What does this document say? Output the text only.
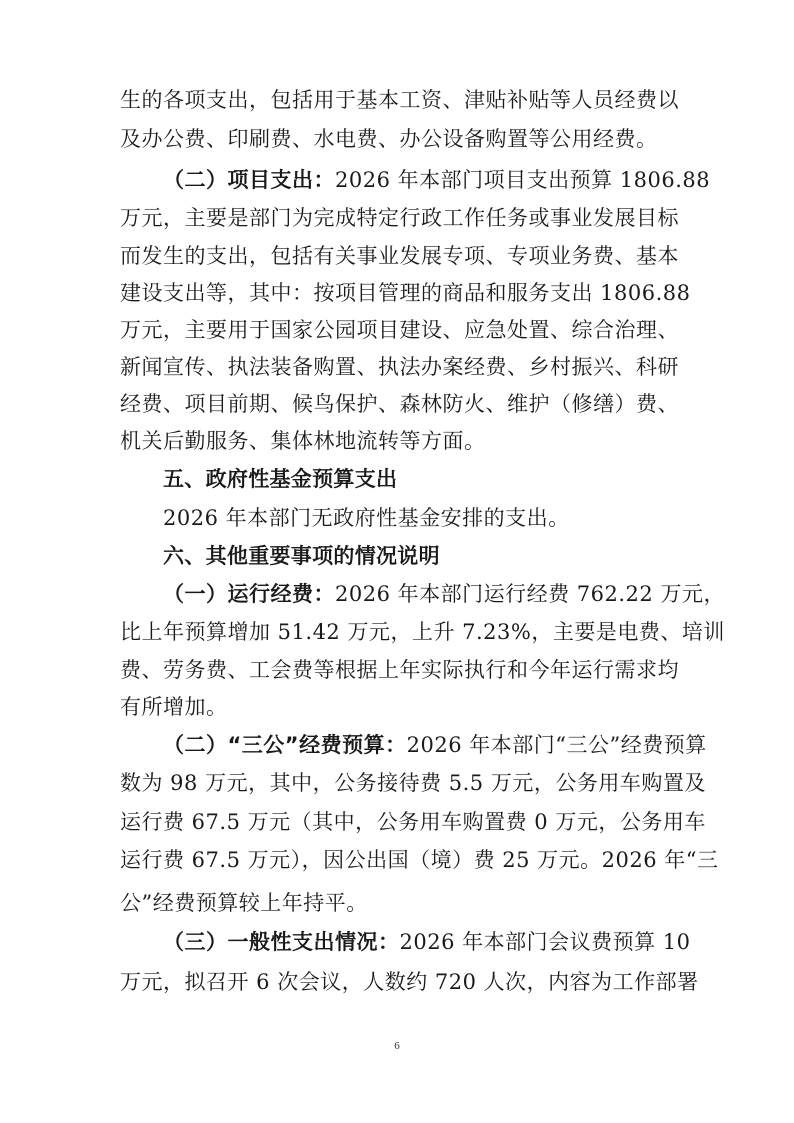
生的各项支出，包括用于基本工资、津贴补贴等人员经费以
及办公费、印刷费、水电费、办公设备购置等公用经费。
（二）项目支出：2026 年本部门项目支出预算 1806.88
万元，主要是部门为完成特定行政工作任务或事业发展目标
而发生的支出，包括有关事业发展专项、专项业务费、基本
建设支出等，其中：按项目管理的商品和服务支出 1806.88
万元，主要用于国家公园项目建设、应急处置、综合治理、
新闻宣传、执法装备购置、执法办案经费、乡村振兴、科研
经费、项目前期、候鸟保护、森林防火、维护（修缮）费、
机关后勤服务、集体林地流转等方面。
五、政府性基金预算支出
2026 年本部门无政府性基金安排的支出。
六、其他重要事项的情况说明
（一）运行经费：2026 年本部门运行经费 762.22 万元，
比上年预算增加 51.42 万元，上升 7.23%，主要是电费、培训
费、劳务费、工会费等根据上年实际执行和今年运行需求均
有所增加。
（二）“三公”经费预算：2026 年本部门“三公”经费预算
数为 98 万元，其中，公务接待费 5.5 万元，公务用车购置及
运行费 67.5 万元（其中，公务用车购置费 0 万元，公务用车
运行费 67.5 万元），因公出国（境）费 25 万元。2026 年“三
公”经费预算较上年持平。
（三）一般性支出情况：2026 年本部门会议费预算 10
万元，拟召开 6 次会议，人数约 720 人次，内容为工作部署
6
